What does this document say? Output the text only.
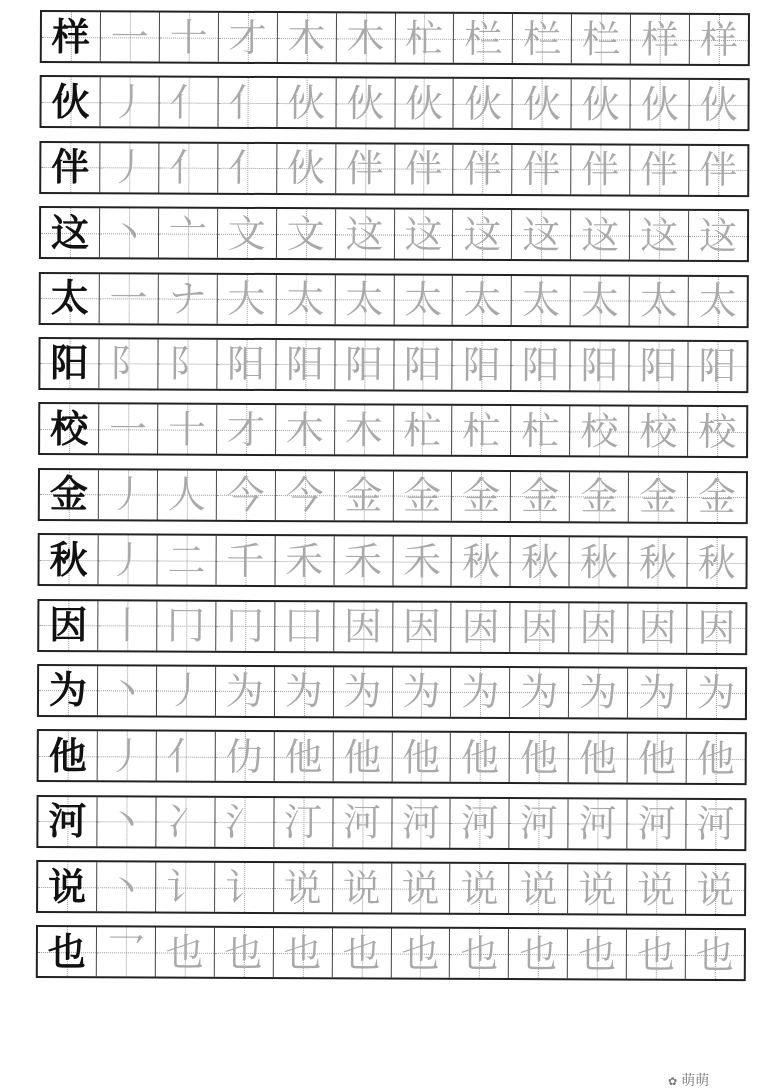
样 一 十 才 木 木 杧 栏 栏 栏 样 样
伙 丿 亻 亻 伙 伙 伙 伙 伙 伙 伙 伙
伴 丿 亻 亻 伙 伴 伴 伴 伴 伴 伴 伴
这 丶 亠 文 文 这 这 这 这 这 这 这
太 一 ナ 大 太 太 太 太 太 太 太 太
阳 阝 阝 阳 阳 阳 阳 阳 阳 阳 阳 阳
校 一 十 才 木 木 杧 杧 杧 校 校 校
金 丿 人 今 今 金 金 金 金 金 金 金
秋 丿 二 千 禾 禾 禾 秋 秋 秋 秋 秋
因 丨 冂 冂 囗 因 因 因 因 因 因 因
为 丶 丿 为 为 为 为 为 为 为 为 为
他 丿 亻 仂 他 他 他 他 他 他 他 他
河 丶 冫 氵 汀 河 河 河 河 河 河 河
说 丶 讠 讠 说 说 说 说 说 说 说 说
也 乛 也 也 也 也 也 也 也 也 也 也
✿ 萌萌
